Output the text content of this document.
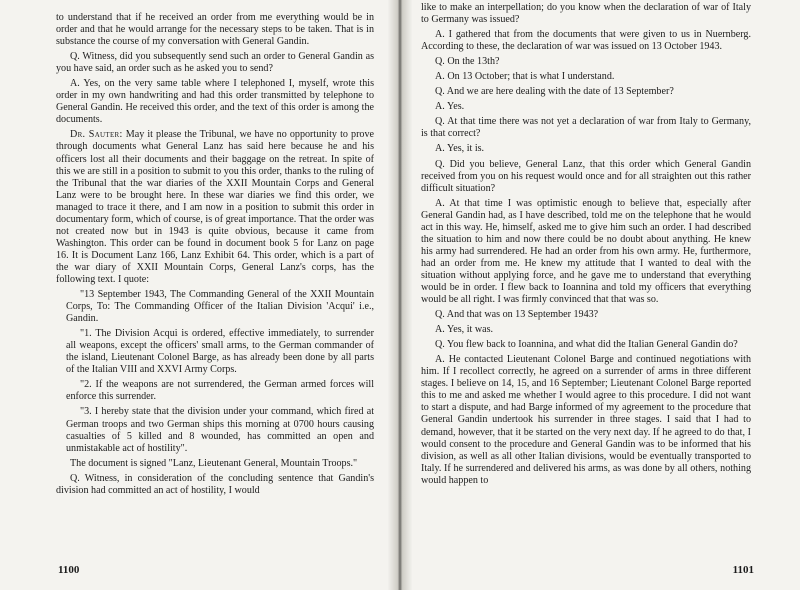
to understand that if he received an order from me everything would be in order and that he would arrange for the necessary steps to be taken. That is in substance the course of my conversation with General Gandin.

Q. Witness, did you subsequently send such an order to General Gandin as you have said, an order such as he asked you to send?

A. Yes, on the very same table where I telephoned I, myself, wrote this order in my own handwriting and had this order transmitted by telephone to General Gandin. He received this order, and the text of this order is among the documents.

Dr. Sauter: May it please the Tribunal, we have no opportunity to prove through documents what General Lanz has said here because he and his officers lost all their documents and their baggage on the retreat. In spite of this we are still in a position to submit to you this order, thanks to the ruling of the Tribunal that the war diaries of the XXII Mountain Corps and General Lanz were to be brought here. In these war diaries we find this order, we managed to trace it there, and I am now in a position to submit this order in documentary form, which of course, is of great importance. That the order was not created now but in 1943 is quite obvious, because it came from Washington. This order can be found in document book 5 for Lanz on page 16. It is Document Lanz 166, Lanz Exhibit 64. This order, which is a part of the war diary of XXII Mountain Corps, General Lanz's corps, has the following text. I quote:

"13 September 1943, The Commanding General of the XXII Mountain Corps, To: The Commanding Officer of the Italian Division 'Acqui' i.e., Gandin.

"1. The Division Acqui is ordered, effective immediately, to surrender all weapons, except the officers' small arms, to the German commander of the island, Lieutenant Colonel Barge, as has already been done by all parts of the Italian VIII and XXVI Army Corps.

"2. If the weapons are not surrendered, the German armed forces will enforce this surrender.

"3. I hereby state that the division under your command, which fired at German troops and two German ships this morning at 0700 hours causing casualties of 5 killed and 8 wounded, has committed an open and unmistakable act of hostility".

The document is signed "Lanz, Lieutenant General, Mountain Troops."

Q. Witness, in consideration of the concluding sentence that Gandin's division had committed an act of hostility, I would

1100

like to make an interpellation; do you know when the declaration of war of Italy to Germany was issued?

A. I gathered that from the documents that were given to us in Nuernberg. According to these, the declaration of war was issued on 13 October 1943.

Q. On the 13th?

A. On 13 October; that is what I understand.

Q. And we are here dealing with the date of 13 September?

A. Yes.

Q. At that time there was not yet a declaration of war from Italy to Germany, is that correct?

A. Yes, it is.

Q. Did you believe, General Lanz, that this order which General Gandin received from you on his request would once and for all straighten out this rather difficult situation?

A. At that time I was optimistic enough to believe that, especially after General Gandin had, as I have described, told me on the telephone that he would act in this way. He, himself, asked me to give him such an order. I had described the situation to him and now there could be no doubt about anything. He knew his army had surrendered. He had an order from his own army. He, furthermore, had an order from me. He knew my attitude that I wanted to deal with the situation without applying force, and he gave me to understand that everything would be in order. I flew back to Ioannina and told my officers that everything would be all right. I was firmly convinced that that was so.

Q. And that was on 13 September 1943?

A. Yes, it was.

Q. You flew back to Ioannina, and what did the Italian General Gandin do?

A. He contacted Lieutenant Colonel Barge and continued negotiations with him. If I recollect correctly, he agreed on a surrender of arms in three different stages. I believe on 14, 15, and 16 September; Lieutenant Colonel Barge reported this to me and asked me whether I would agree to this procedure. I did not want to start a dispute, and had Barge informed of my agreement to the procedure that General Gandin undertook his surrender in three stages. I said that I had to demand, however, that it be started on the very next day. If he agreed to do that, I would consent to the procedure and General Gandin was to be informed that his division, as well as all other Italian divisions, would be eventually transported to Italy. If he surrendered and delivered his arms, as was done by all others, nothing would happen to

1101
